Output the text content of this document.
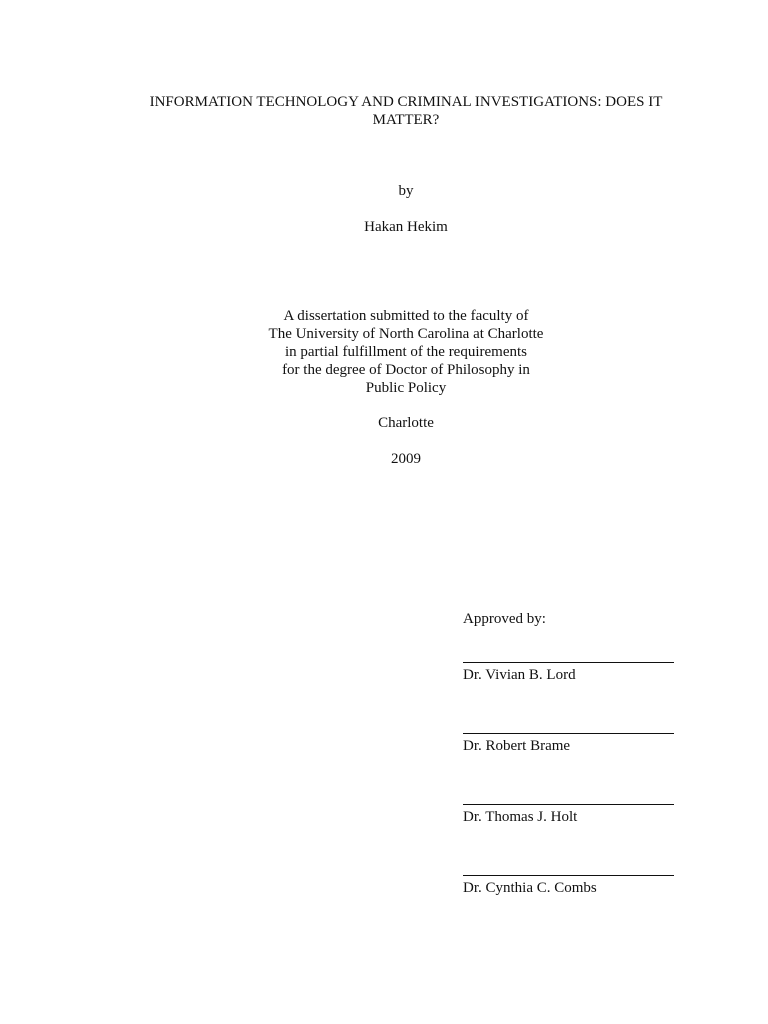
INFORMATION TECHNOLOGY AND CRIMINAL INVESTIGATIONS: DOES IT
MATTER?
by
Hakan Hekim
A dissertation submitted to the faculty of
The University of North Carolina at Charlotte
in partial fulfillment of the requirements
for the degree of Doctor of Philosophy in
Public Policy
Charlotte
2009
Approved by:
Dr. Vivian B. Lord
Dr. Robert Brame
Dr. Thomas J. Holt
Dr. Cynthia C. Combs
